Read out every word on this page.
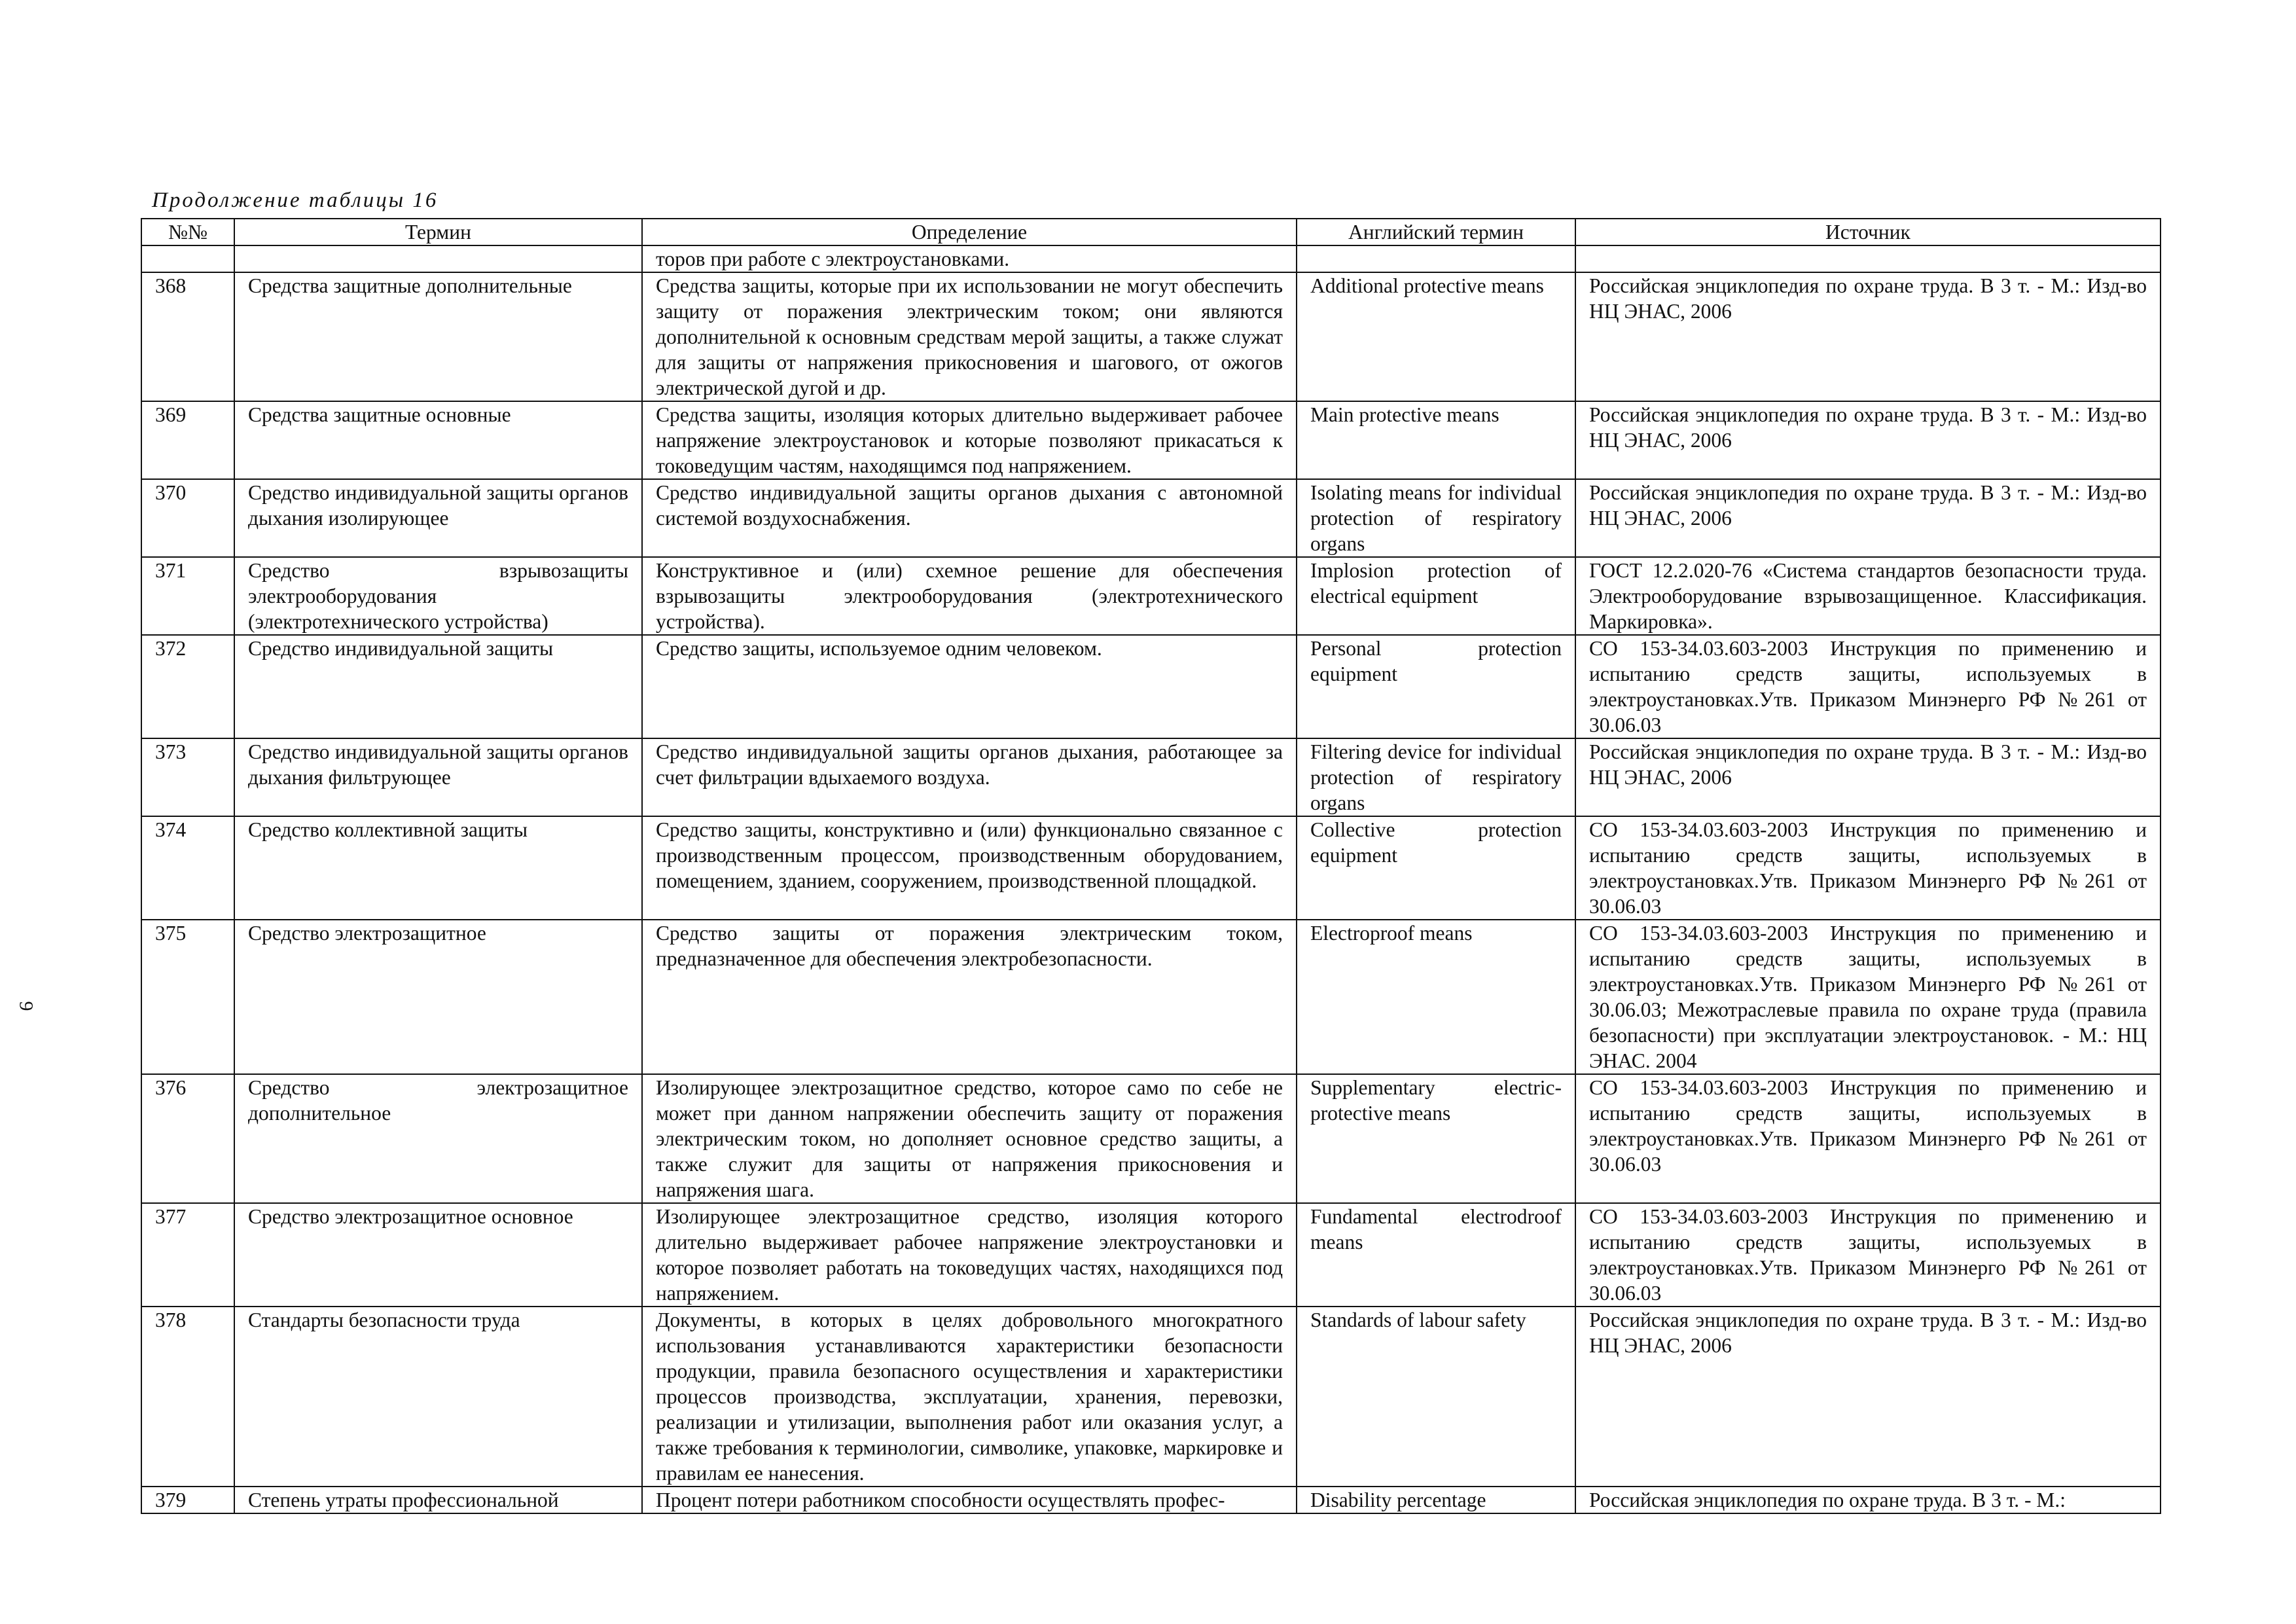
9
Продолжение таблицы 16
№№	Термин	Определение	Английский термин	Источник
		торов при работе с электроустановками.		
368	Средства защитные дополнительные	Средства защиты, которые при их использовании не могут обеспечить защиту от поражения электрическим током; они являются дополнительной к основным средствам мерой защиты, а также служат для защиты от напряжения прикосновения и шагового, от ожогов электрической дугой и др.	Additional protective means	Российская энциклопедия по охране труда. В 3 т. - М.: Изд-во НЦ ЭНАС, 2006
369	Средства защитные основные	Средства защиты, изоляция которых длительно выдерживает рабочее напряжение электроустановок и которые позволяют прикасаться к токоведущим частям, находящимся под напряжением.	Main protective means	Российская энциклопедия по охране труда. В 3 т. - М.: Изд-во НЦ ЭНАС, 2006
370	Средство индивидуальной защиты органов дыхания изолирующее	Средство индивидуальной защиты органов дыхания с автономной системой воздухоснабжения.	Isolating means for individual protection of respiratory organs	Российская энциклопедия по охране труда. В 3 т. - М.: Изд-во НЦ ЭНАС, 2006
371	Средство взрывозащиты электрооборудования (электротехнического устройства)	Конструктивное и (или) схемное решение для обеспечения взрывозащиты электрооборудования (электротехнического устройства).	Implosion protection of electrical equipment	ГОСТ 12.2.020-76 «Система стандартов безопасности труда. Электрооборудование взрывозащищенное. Классификация. Маркировка».
372	Средство индивидуальной защиты	Средство защиты, используемое одним человеком.	Personal protection equipment	СО 153-34.03.603-2003 Инструкция по применению и испытанию средств защиты, используемых в электроустановках.Утв. Приказом Минэнерго РФ №261 от 30.06.03
373	Средство индивидуальной защиты органов дыхания фильтрующее	Средство индивидуальной защиты органов дыхания, работающее за счет фильтрации вдыхаемого воздуха.	Filtering device for individual protection of respiratory organs	Российская энциклопедия по охране труда. В 3 т. - М.: Изд-во НЦ ЭНАС, 2006
374	Средство коллективной защиты	Средство защиты, конструктивно и (или) функционально связанное с производственным процессом, производственным оборудованием, помещением, зданием, сооружением, производственной площадкой.	Collective protection equipment	СО 153-34.03.603-2003 Инструкция по применению и испытанию средств защиты, используемых в электроустановках.Утв. Приказом Минэнерго РФ №261 от 30.06.03
375	Средство электрозащитное	Средство защиты от поражения электрическим током, предназначенное для обеспечения электробезопасности.	Electroproof means	СО 153-34.03.603-2003 Инструкция по применению и испытанию средств защиты, используемых в электроустановках.Утв. Приказом Минэнерго РФ №261 от 30.06.03; Межотраслевые правила по охране труда (правила безопасности) при эксплуатации электроустановок. - М.: НЦ ЭНАС. 2004
376	Средство электрозащитное дополнительное	Изолирующее электрозащитное средство, которое само по себе не может при данном напряжении обеспечить защиту от поражения электрическим током, но дополняет основное средство защиты, а также служит для защиты от напряжения прикосновения и напряжения шага.	Supplementary electric-protective means	СО 153-34.03.603-2003 Инструкция по применению и испытанию средств защиты, используемых в электроустановках.Утв. Приказом Минэнерго РФ №261 от 30.06.03
377	Средство электрозащитное основное	Изолирующее электрозащитное средство, изоляция которого длительно выдерживает рабочее напряжение электроустановки и которое позволяет работать на токоведущих частях, находящихся под напряжением.	Fundamental electrodroof means	СО 153-34.03.603-2003 Инструкция по применению и испытанию средств защиты, используемых в электроустановках.Утв. Приказом Минэнерго РФ №261 от 30.06.03
378	Стандарты безопасности труда	Документы, в которых в целях добровольного многократного использования устанавливаются характеристики безопасности продукции, правила безопасного осуществления и характеристики процессов производства, эксплуатации, хранения, перевозки, реализации и утилизации, выполнения работ или оказания услуг, а также требования к терминологии, символике, упаковке, маркировке и правилам ее нанесения.	Standards of labour safety	Российская энциклопедия по охране труда. В 3 т. - М.: Изд-во НЦ ЭНАС, 2006
379	Степень утраты профессиональной	Процент потери работником способности осуществлять профес-	Disability percentage	Российская энциклопедия по охране труда. В 3 т. - М.:
